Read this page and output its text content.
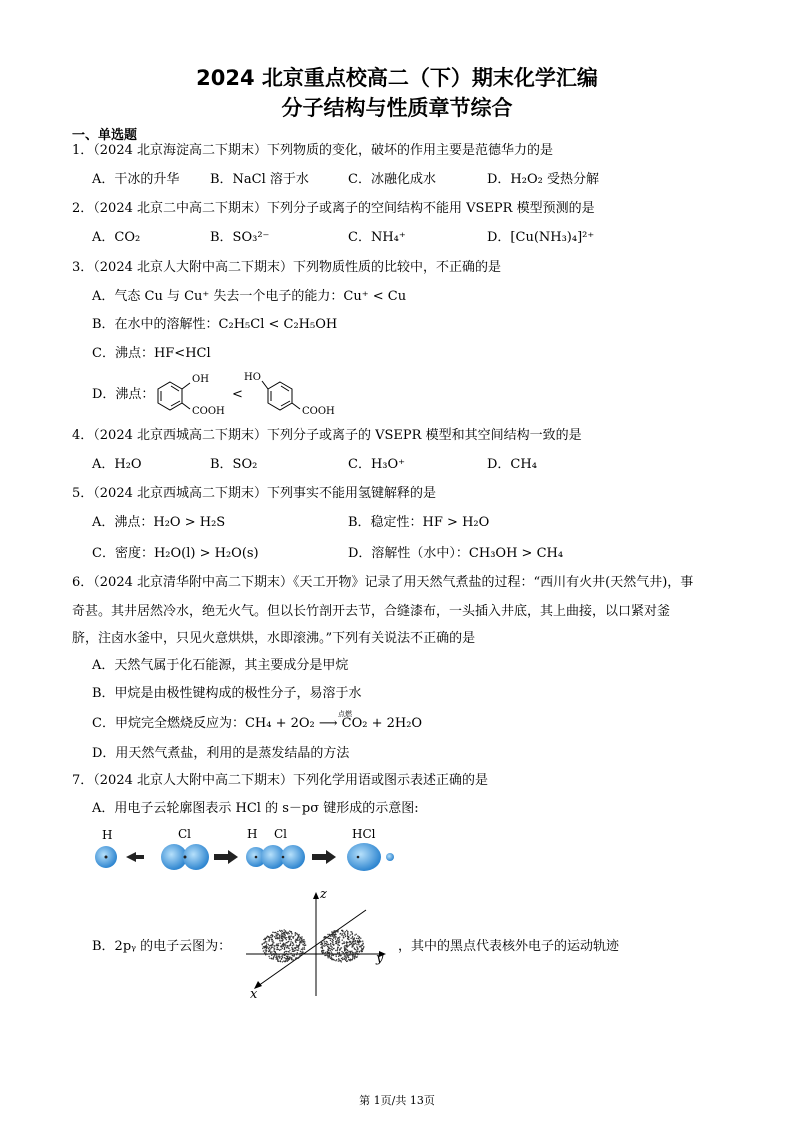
2024 北京重点校高二（下）期末化学汇编
分子结构与性质章节综合
一、单选题
1．（2024 北京海淀高二下期末）下列物质的变化，破坏的作用主要是范德华力的是
A．干冰的升华 B．NaCl 溶于水	C．冰融化成水	D．H₂O₂ 受热分解
2．（2024 北京二中高二下期末）下列分子或离子的空间结构不能用 VSEPR 模型预测的是
A．CO₂	B．SO₃²⁻	C．NH₄⁺	D．[Cu(NH₃)₄]²⁺
3．（2024 北京人大附中高二下期末）下列物质性质的比较中，不正确的是
A．气态 Cu 与 Cu⁺ 失去一个电子的能力：Cu⁺ < Cu
B．在水中的溶解性：C₂H₅Cl < C₂H₅OH
C．沸点：HF<HCl
D．沸点：
OH
COOH
<
HO
COOH
4．（2024 北京西城高二下期末）下列分子或离子的 VSEPR 模型和其空间结构一致的是
A．H₂O	B．SO₂	C．H₃O⁺	D．CH₄
5．（2024 北京西城高二下期末）下列事实不能用氢键解释的是
A．沸点：H₂O > H₂S	B．稳定性：HF > H₂O
C．密度：H₂O(l) > H₂O(s)	D．溶解性（水中）：CH₃OH > CH₄
6．（2024 北京清华附中高二下期末）《天工开物》记录了用天然气煮盐的过程：“西川有火井(天然气井)，事
奇甚。其井居然冷水，绝无火气。但以长竹剖开去节，合缝漆布，一头插入井底，其上曲接，以口紧对釜
脐，注卤水釜中，只见火意烘烘，水即滚沸。”下列有关说法不正确的是
A．天然气属于化石能源，其主要成分是甲烷
B．甲烷是由极性键构成的极性分子，易溶于水
C．甲烷完全燃烧反应为：CH₄ + 2O₂ ⟶ CO₂ + 2H₂O
点燃
D．用天然气煮盐，利用的是蒸发结晶的方法
7．（2024 北京人大附中高二下期末）下列化学用语或图示表述正确的是
A．用电子云轮廓图表示 HCl 的 s－pσ 键形成的示意图:
H	Cl	H Cl	HCl
B．2pᵧ 的电子云图为：
z
y
x
，其中的黑点代表核外电子的运动轨迹
第 1页/共 13页
